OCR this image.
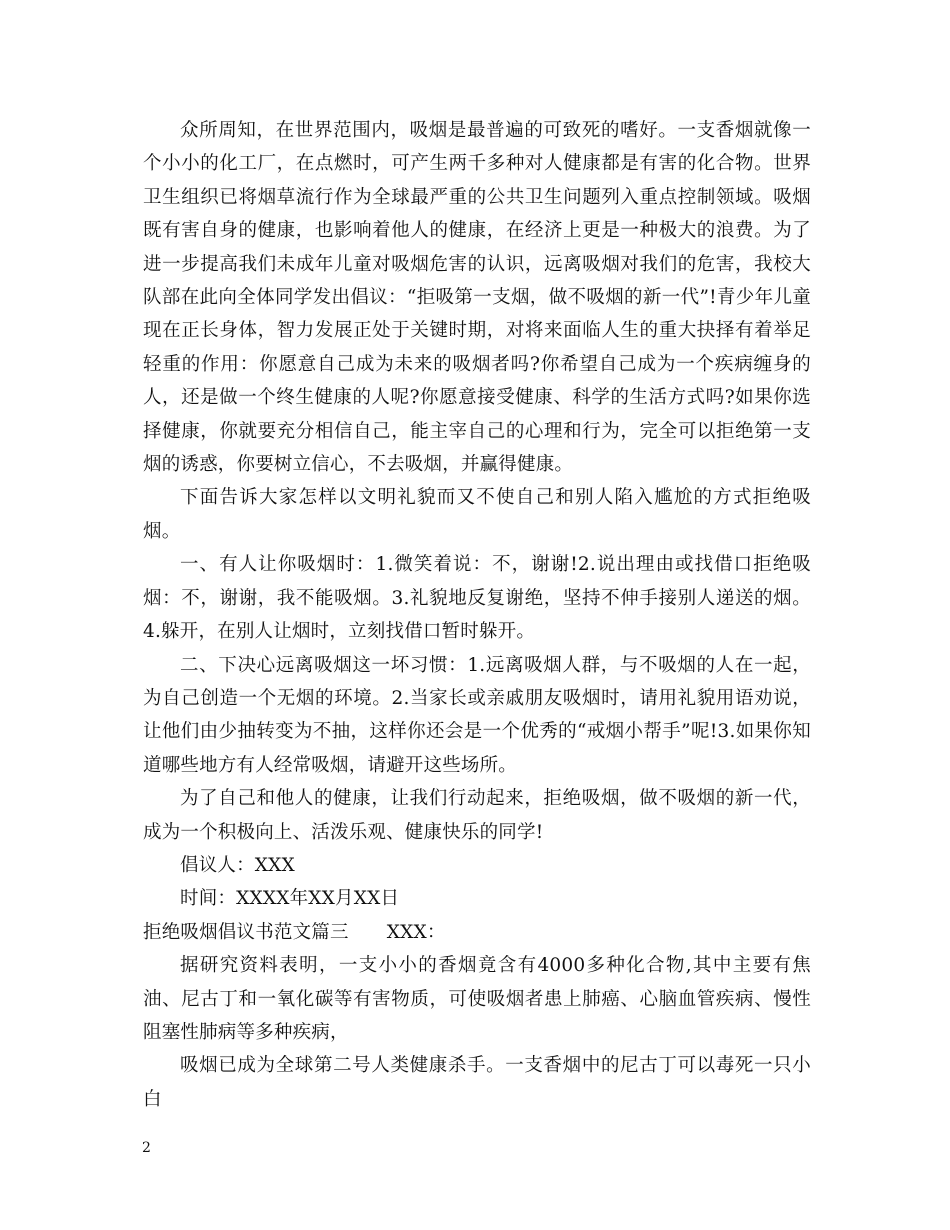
众所周知，在世界范围内，吸烟是最普遍的可致死的嗜好。一支香烟就像一个小小的化工厂，在点燃时，可产生两千多种对人健康都是有害的化合物。世界卫生组织已将烟草流行作为全球最严重的公共卫生问题列入重点控制领域。吸烟既有害自身的健康，也影响着他人的健康，在经济上更是一种极大的浪费。为了进一步提高我们未成年儿童对吸烟危害的认识，远离吸烟对我们的危害，我校大队部在此向全体同学发出倡议：“拒吸第一支烟，做不吸烟的新一代”!青少年儿童现在正长身体，智力发展正处于关键时期，对将来面临人生的重大抉择有着举足轻重的作用：你愿意自己成为未来的吸烟者吗?你希望自己成为一个疾病缠身的人，还是做一个终生健康的人呢?你愿意接受健康、科学的生活方式吗?如果你选择健康，你就要充分相信自己，能主宰自己的心理和行为，完全可以拒绝第一支烟的诱惑，你要树立信心，不去吸烟，并赢得健康。

下面告诉大家怎样以文明礼貌而又不使自己和别人陷入尴尬的方式拒绝吸烟。

一、有人让你吸烟时：1.微笑着说：不，谢谢!2.说出理由或找借口拒绝吸烟：不，谢谢，我不能吸烟。3.礼貌地反复谢绝，坚持不伸手接别人递送的烟。4.躲开，在别人让烟时，立刻找借口暂时躲开。

二、下决心远离吸烟这一坏习惯：1.远离吸烟人群，与不吸烟的人在一起，为自己创造一个无烟的环境。2.当家长或亲戚朋友吸烟时，请用礼貌用语劝说，让他们由少抽转变为不抽，这样你还会是一个优秀的“戒烟小帮手”呢!3.如果你知道哪些地方有人经常吸烟，请避开这些场所。

为了自己和他人的健康，让我们行动起来，拒绝吸烟，做不吸烟的新一代，成为一个积极向上、活泼乐观、健康快乐的同学!

倡议人：XXX

时间：XXXX年XX月XX日

拒绝吸烟倡议书范文篇三 XXX：

据研究资料表明，一支小小的香烟竟含有4000多种化合物,其中主要有焦油、尼古丁和一氧化碳等有害物质，可使吸烟者患上肺癌、心脑血管疾病、慢性阻塞性肺病等多种疾病，

吸烟已成为全球第二号人类健康杀手。一支香烟中的尼古丁可以毒死一只小白

2
